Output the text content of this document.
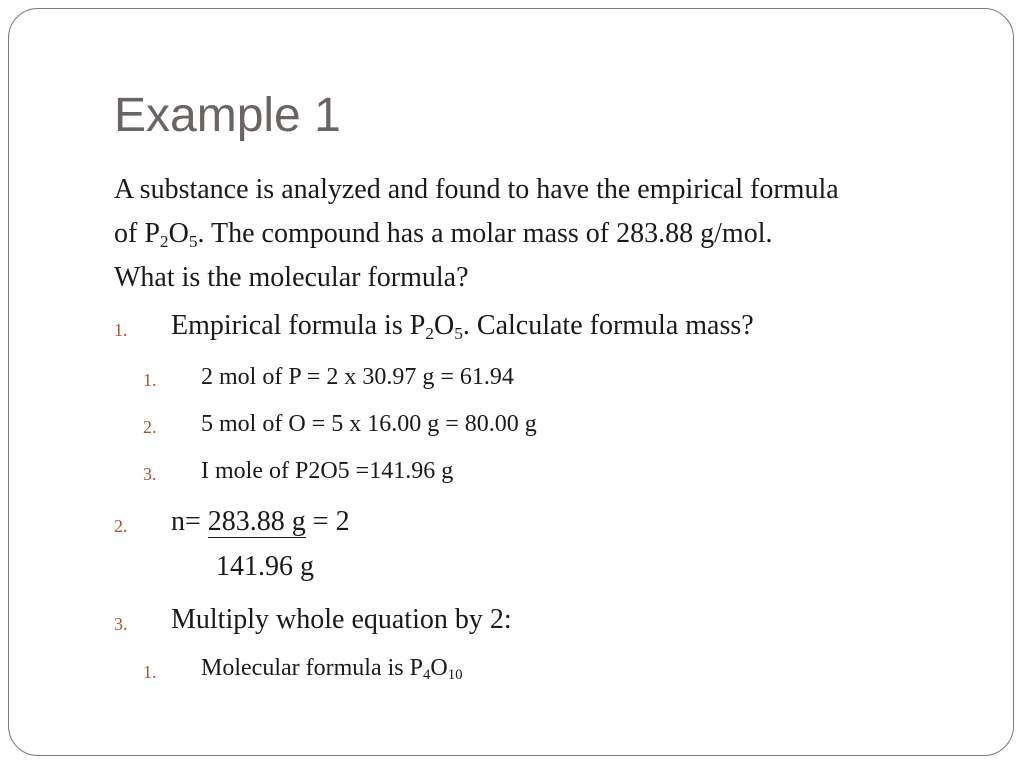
Example 1

A substance is analyzed and found to have the empirical formula

of $P_2O_5$. The compound has a molar mass of 283.88 g/mol.

What is the molecular formula?

1. Empirical formula is $P_2O_5$. Calculate formula mass?
1. 2 mol of P = 2 x 30.97 g = 61.94
2. 5 mol of O = 5 x 16.00 g = 80.00 g
3. I mole of P2O5 =141.96 g
2. n= 283.88 g = 2
141.96 g
3. Multiply whole equation by 2:
1. Molecular formula is $P_4O_{10}$
